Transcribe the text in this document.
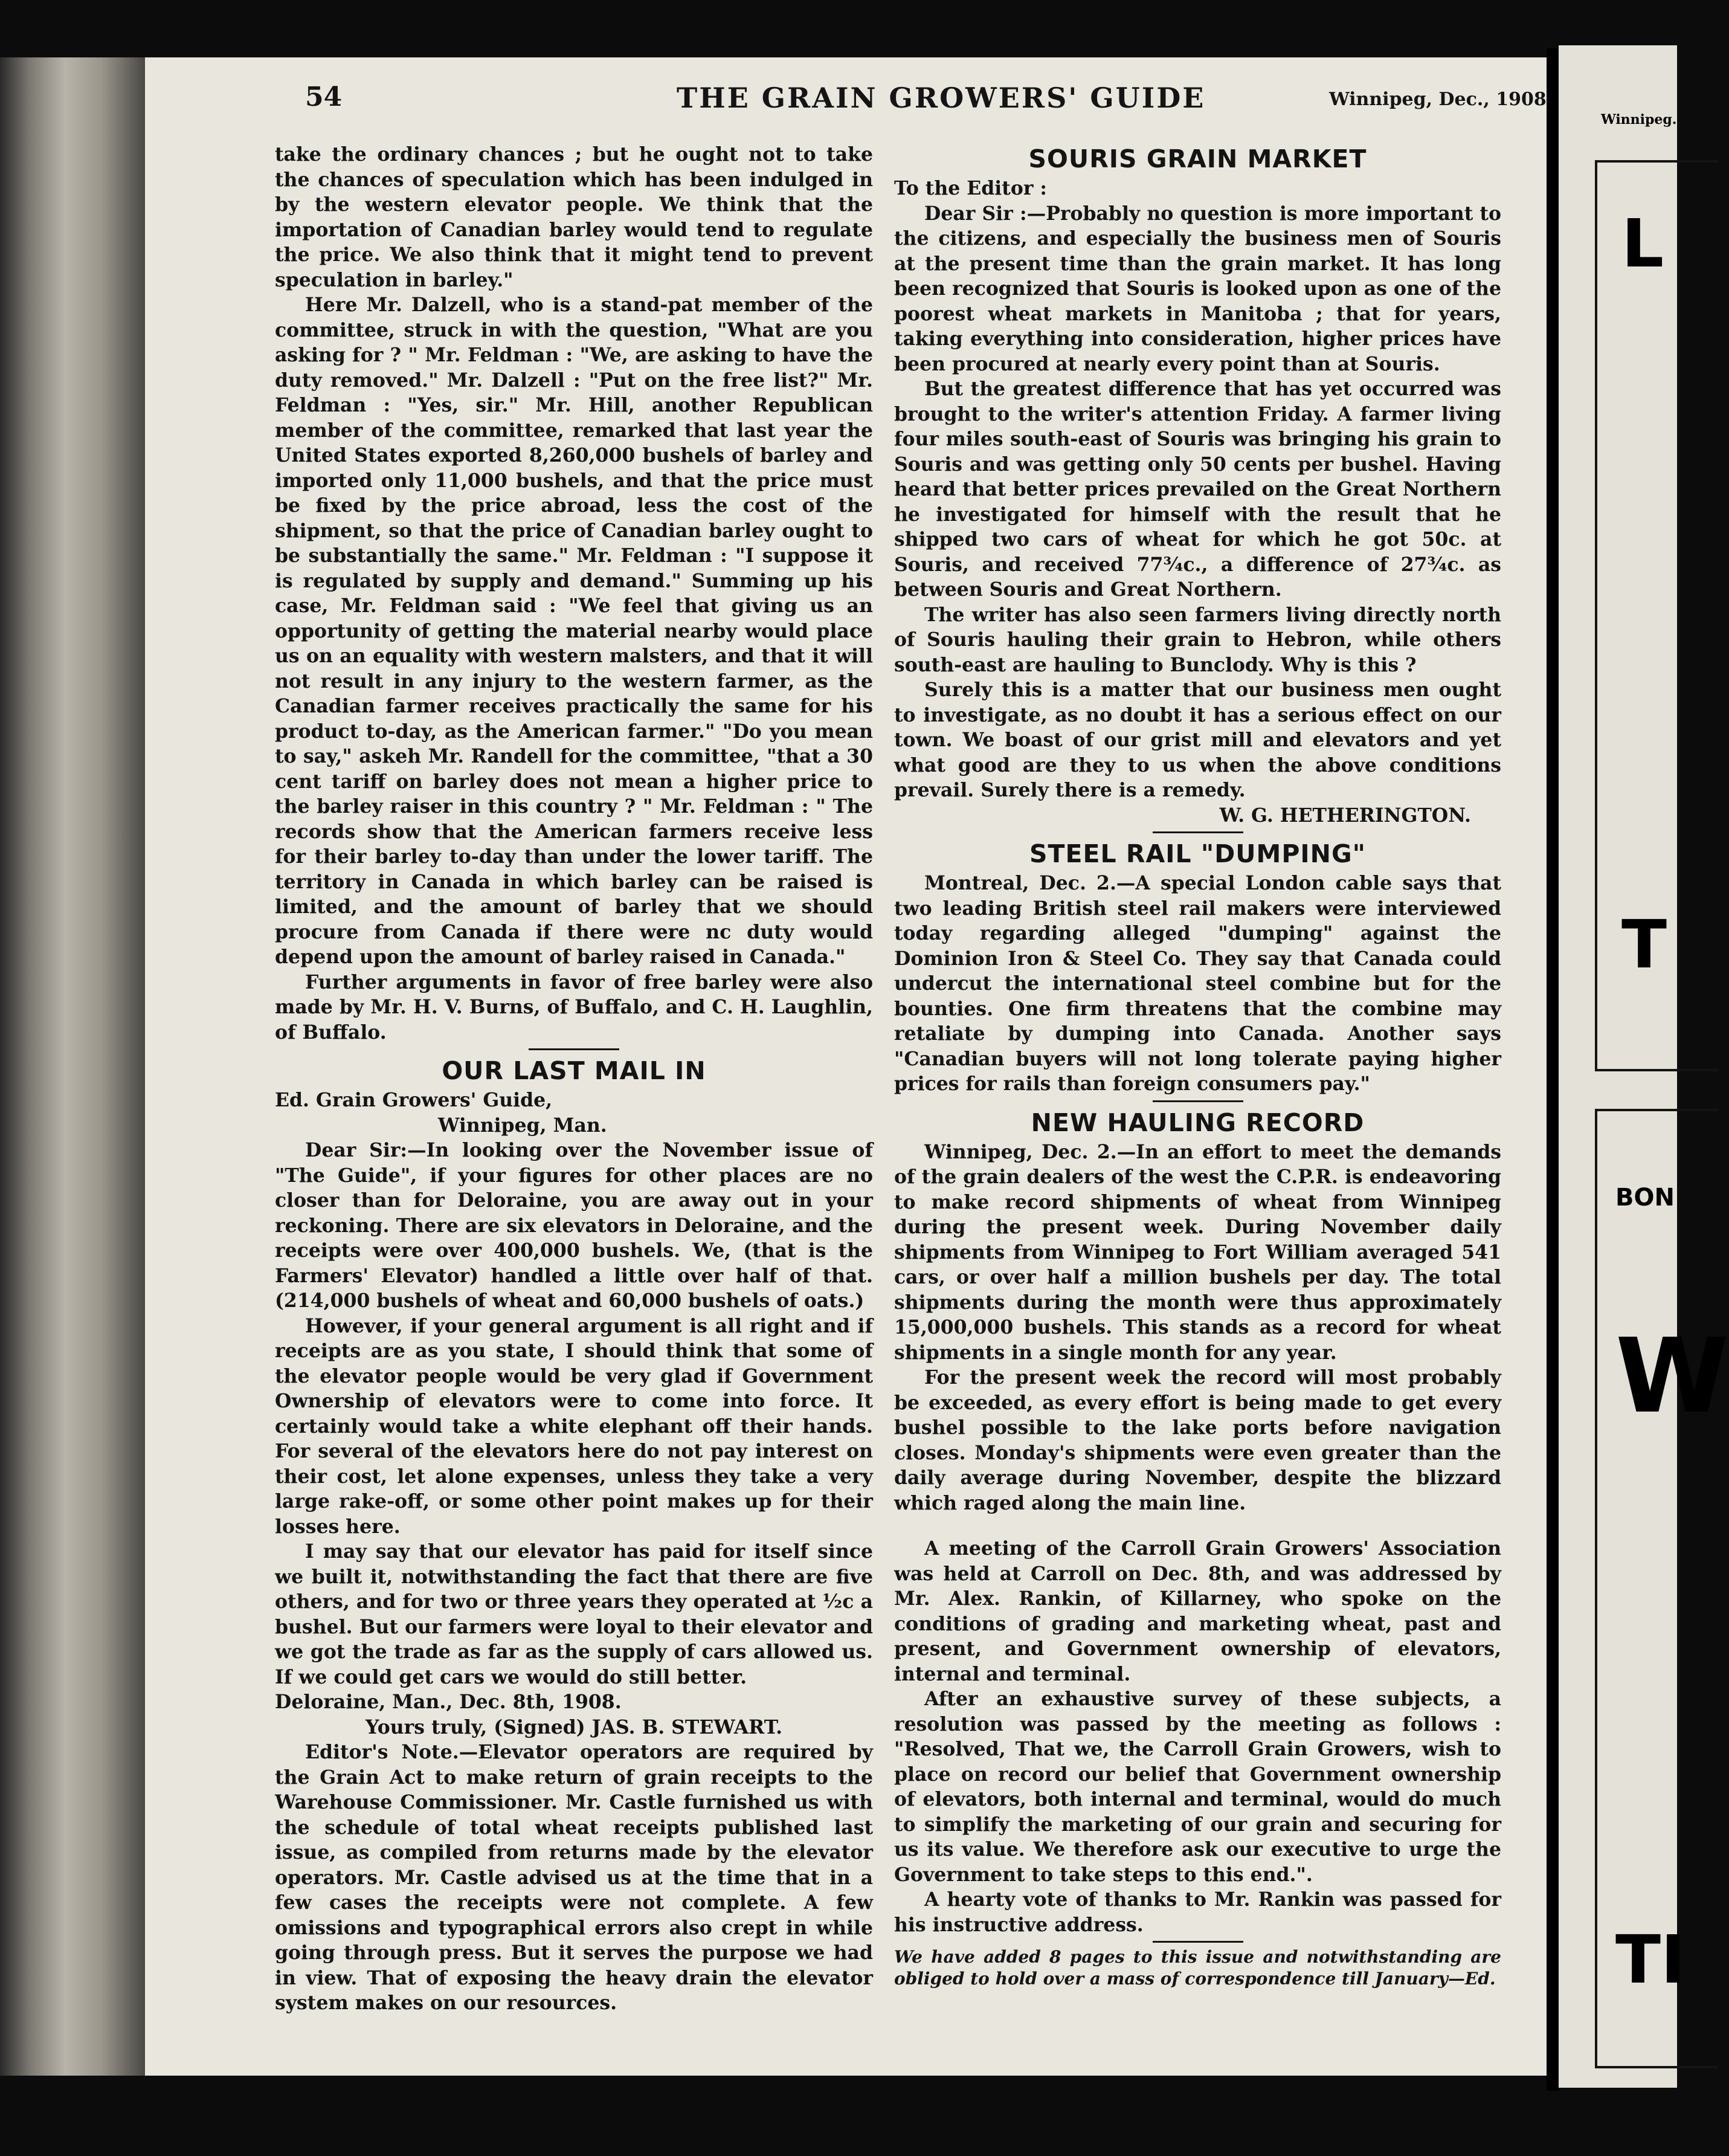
54	THE GRAIN GROWERS' GUIDE	Winnipeg, Dec., 1908

take the ordinary chances ; but he ought not to take the chances of speculation which has been indulged in by the western elevator people. We think that the importation of Canadian barley would tend to regulate the price. We also think that it might tend to prevent speculation in barley."

Here Mr. Dalzell, who is a stand-pat member of the committee, struck in with the question, "What are you asking for ? " Mr. Feldman : "We, are asking to have the duty removed." Mr. Dalzell : "Put on the free list?" Mr. Feldman : "Yes, sir." Mr. Hill, another Republican member of the committee, remarked that last year the United States exported 8,260,000 bushels of barley and imported only 11,000 bushels, and that the price must be fixed by the price abroad, less the cost of the shipment, so that the price of Canadian barley ought to be substantially the same." Mr. Feldman : "I suppose it is regulated by supply and demand." Summing up his case, Mr. Feldman said : "We feel that giving us an opportunity of getting the material nearby would place us on an equality with western malsters, and that it will not result in any injury to the western farmer, as the Canadian farmer receives practically the same for his product to-day, as the American farmer." "Do you mean to say," askeh Mr. Randell for the committee, "that a 30 cent tariff on barley does not mean a higher price to the barley raiser in this country ? " Mr. Feldman : " The records show that the American farmers receive less for their barley to-day than under the lower tariff. The territory in Canada in which barley can be raised is limited, and the amount of barley that we should procure from Canada if there were nc duty would depend upon the amount of barley raised in Canada."

Further arguments in favor of free barley were also made by Mr. H. V. Burns, of Buffalo, and C. H. Laughlin, of Buffalo.

OUR LAST MAIL IN

Ed. Grain Growers' Guide,

Winnipeg, Man.

Dear Sir:—In looking over the November issue of "The Guide", if your figures for other places are no closer than for Deloraine, you are away out in your reckoning. There are six elevators in Deloraine, and the receipts were over 400,000 bushels. We, (that is the Farmers' Elevator) handled a little over half of that. (214,000 bushels of wheat and 60,000 bushels of oats.)

However, if your general argument is all right and if receipts are as you state, I should think that some of the elevator people would be very glad if Government Ownership of elevators were to come into force. It certainly would take a white elephant off their hands. For several of the elevators here do not pay interest on their cost, let alone expenses, unless they take a very large rake-off, or some other point makes up for their losses here.

I may say that our elevator has paid for itself since we built it, notwithstanding the fact that there are five others, and for two or three years they operated at ½c a bushel. But our farmers were loyal to their elevator and we got the trade as far as the supply of cars allowed us. If we could get cars we would do still better.

Deloraine, Man., Dec. 8th, 1908.

Yours truly, (Signed) JAS. B. STEWART.

Editor's Note.—Elevator operators are required by the Grain Act to make return of grain receipts to the Warehouse Commissioner. Mr. Castle furnished us with the schedule of total wheat receipts published last issue, as compiled from returns made by the elevator operators. Mr. Castle advised us at the time that in a few cases the receipts were not complete. A few omissions and typographical errors also crept in while going through press. But it serves the purpose we had in view. That of exposing the heavy drain the elevator system makes on our resources.

SOURIS GRAIN MARKET

To the Editor :

Dear Sir :—Probably no question is more important to the citizens, and especially the business men of Souris at the present time than the grain market. It has long been recognized that Souris is looked upon as one of the poorest wheat markets in Manitoba ; that for years, taking everything into consideration, higher prices have been procured at nearly every point than at Souris.

But the greatest difference that has yet occurred was brought to the writer's attention Friday. A farmer living four miles south-east of Souris was bringing his grain to Souris and was getting only 50 cents per bushel. Having heard that better prices prevailed on the Great Northern he investigated for himself with the result that he shipped two cars of wheat for which he got 50c. at Souris, and received 77¾c., a difference of 27¾c. as between Souris and Great Northern.

The writer has also seen farmers living directly north of Souris hauling their grain to Hebron, while others south-east are hauling to Bunclody. Why is this ?

Surely this is a matter that our business men ought to investigate, as no doubt it has a serious effect on our town. We boast of our grist mill and elevators and yet what good are they to us when the above conditions prevail. Surely there is a remedy.

W. G. HETHERINGTON.

STEEL RAIL "DUMPING"

Montreal, Dec. 2.—A special London cable says that two leading British steel rail makers were interviewed today regarding alleged "dumping" against the Dominion Iron & Steel Co. They say that Canada could undercut the international steel combine but for the bounties. One firm threatens that the combine may retaliate by dumping into Canada. Another says "Canadian buyers will not long tolerate paying higher prices for rails than foreign consumers pay."

NEW HAULING RECORD

Winnipeg, Dec. 2.—In an effort to meet the demands of the grain dealers of the west the C.P.R. is endeavoring to make record shipments of wheat from Winnipeg during the present week. During November daily shipments from Winnipeg to Fort William averaged 541 cars, or over half a million bushels per day. The total shipments during the month were thus approximately 15,000,000 bushels. This stands as a record for wheat shipments in a single month for any year.

For the present week the record will most probably be exceeded, as every effort is being made to get every bushel possible to the lake ports before navigation closes. Monday's shipments were even greater than the daily average during November, despite the blizzard which raged along the main line.

A meeting of the Carroll Grain Growers' Association was held at Carroll on Dec. 8th, and was addressed by Mr. Alex. Rankin, of Killarney, who spoke on the conditions of grading and marketing wheat, past and present, and Government ownership of elevators, internal and terminal.

After an exhaustive survey of these subjects, a resolution was passed by the meeting as follows : "Resolved, That we, the Carroll Grain Growers, wish to place on record our belief that Government ownership of elevators, both internal and terminal, would do much to simplify the marketing of our grain and securing for us its value. We therefore ask our executive to urge the Government to take steps to this end.".

A hearty vote of thanks to Mr. Rankin was passed for his instructive address.

We have added 8 pages to this issue and notwithstanding are obliged to hold over a mass of correspondence till January—Ed.

Winnipeg.
L
T
BON
W
TI
